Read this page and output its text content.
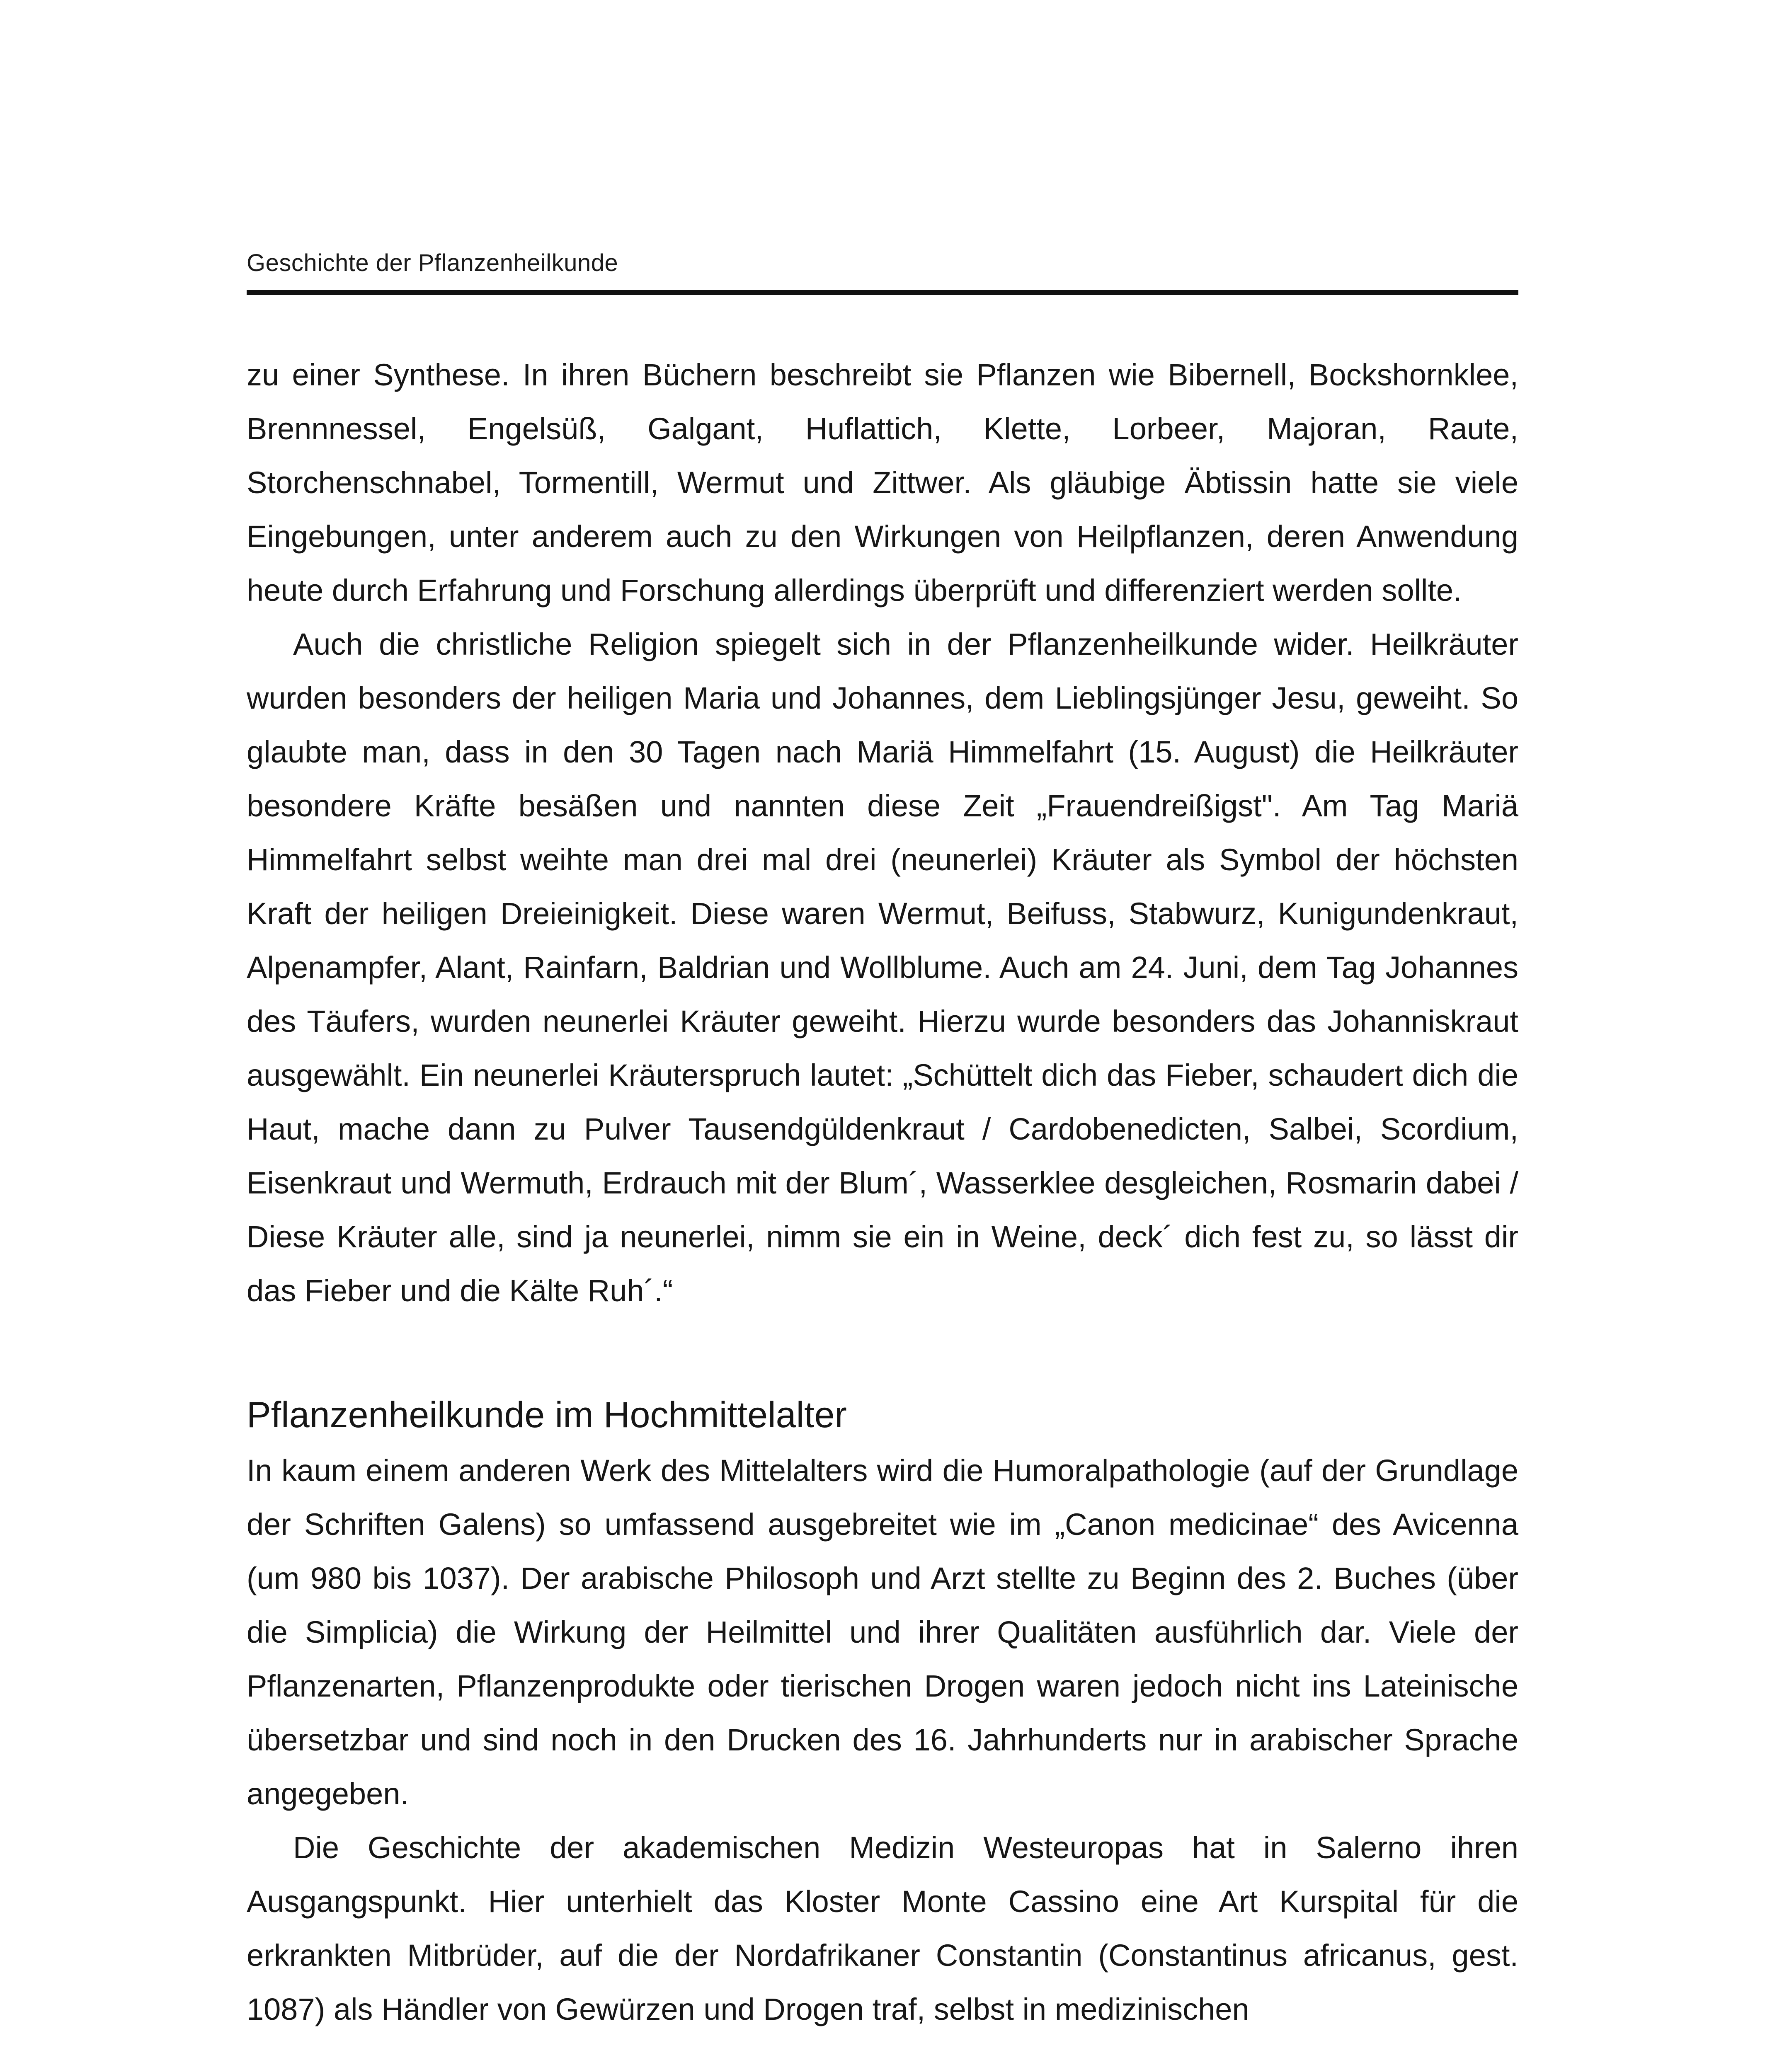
Geschichte der Pflanzenheilkunde

zu einer Synthese. In ihren Büchern beschreibt sie Pflanzen wie Bibernell, Bockshornklee, Brennnessel, Engelsüß, Galgant, Huflattich, Klette, Lorbeer, Majoran, Raute, Storchenschnabel, Tormentill, Wermut und Zittwer. Als gläubige Äbtissin hatte sie viele Eingebungen, unter anderem auch zu den Wirkungen von Heilpflanzen, deren Anwendung heute durch Erfahrung und Forschung allerdings überprüft und differenziert werden sollte.

Auch die christliche Religion spiegelt sich in der Pflanzenheilkunde wider. Heilkräuter wurden besonders der heiligen Maria und Johannes, dem Lieblingsjünger Jesu, geweiht. So glaubte man, dass in den 30 Tagen nach Mariä Himmelfahrt (15. August) die Heilkräuter besondere Kräfte besäßen und nannten diese Zeit „Frauendreißigst". Am Tag Mariä Himmelfahrt selbst weihte man drei mal drei (neunerlei) Kräuter als Symbol der höchsten Kraft der heiligen Dreieinigkeit. Diese waren Wermut, Beifuss, Stabwurz, Kunigundenkraut, Alpenampfer, Alant, Rainfarn, Baldrian und Wollblume. Auch am 24. Juni, dem Tag Johannes des Täufers, wurden neunerlei Kräuter geweiht. Hierzu wurde besonders das Johanniskraut ausgewählt. Ein neunerlei Kräuterspruch lautet: „Schüttelt dich das Fieber, schaudert dich die Haut, mache dann zu Pulver Tausendgüldenkraut / Cardobenedicten, Salbei, Scordium, Eisenkraut und Wermuth, Erdrauch mit der Blum´, Wasserklee desgleichen, Rosmarin dabei / Diese Kräuter alle, sind ja neunerlei, nimm sie ein in Weine, deck´ dich fest zu, so lässt dir das Fieber und die Kälte Ruh´.“

Pflanzenheilkunde im Hochmittelalter

In kaum einem anderen Werk des Mittelalters wird die Humoralpathologie (auf der Grundlage der Schriften Galens) so umfassend ausgebreitet wie im „Canon medicinae“ des Avicenna (um 980 bis 1037). Der arabische Philosoph und Arzt stellte zu Beginn des 2. Buches (über die Simplicia) die Wirkung der Heilmittel und ihrer Qualitäten ausführlich dar. Viele der Pflanzenarten, Pflanzenprodukte oder tierischen Drogen waren jedoch nicht ins Lateinische übersetzbar und sind noch in den Drucken des 16. Jahrhunderts nur in arabischer Sprache angegeben.

Die Geschichte der akademischen Medizin Westeuropas hat in Salerno ihren Ausgangspunkt. Hier unterhielt das Kloster Monte Cassino eine Art Kurspital für die erkrankten Mitbrüder, auf die der Nordafrikaner Constantin (Constantinus africanus, gest. 1087) als Händler von Gewürzen und Drogen traf, selbst in medizinischen
